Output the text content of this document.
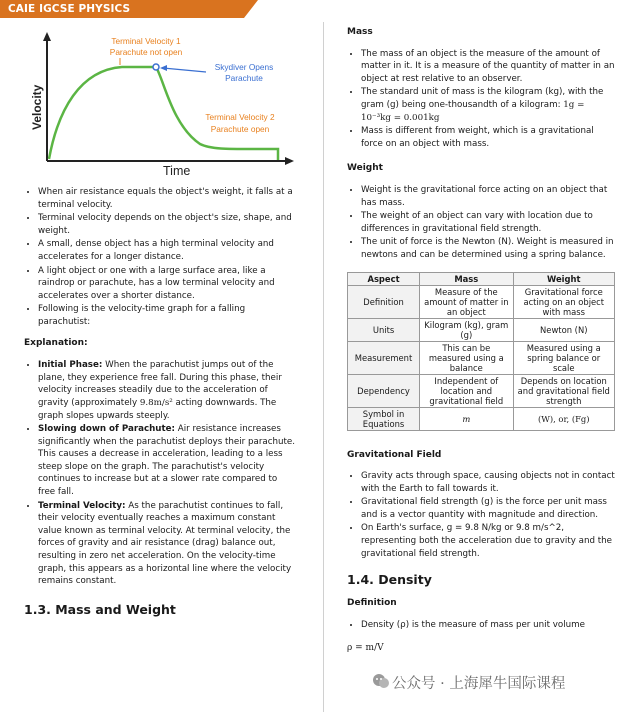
CAIE IGCSE PHYSICS
Velocity
Time
Terminal Velocity 1
Parachute not open
Skydiver Opens
Parachute
Terminal Velocity 2
Parachute open
• When air resistance equals the object's weight, it falls at a terminal velocity.
• Terminal velocity depends on the object's size, shape, and weight.
• A small, dense object has a high terminal velocity and accelerates for a longer distance.
• A light object or one with a large surface area, like a raindrop or parachute, has a low terminal velocity and accelerates over a shorter distance.
• Following is the velocity-time graph for a falling parachutist:

Explanation:

• Initial Phase: When the parachutist jumps out of the plane, they experience free fall. During this phase, their velocity increases steadily due to the acceleration of gravity (approximately 9.8m/s² acting downwards. The graph slopes upwards steeply.
• Slowing down of Parachute: Air resistance increases significantly when the parachutist deploys their parachute. This causes a decrease in acceleration, leading to a less steep slope on the graph. The parachutist's velocity continues to increase but at a slower rate compared to free fall.
• Terminal Velocity: As the parachutist continues to fall, their velocity eventually reaches a maximum constant value known as terminal velocity. At terminal velocity, the forces of gravity and air resistance (drag) balance out, resulting in zero net acceleration. On the velocity-time graph, this appears as a horizontal line where the velocity remains constant.

1.3. Mass and Weight

Mass

• The mass of an object is the measure of the amount of matter in it. It is a measure of the quantity of matter in an object at rest relative to an observer.
• The standard unit of mass is the kilogram (kg), with the gram (g) being one-thousandth of a kilogram: 1g = 10⁻³kg = 0.001kg
• Mass is different from weight, which is a gravitational force on an object with mass.

Weight

• Weight is the gravitational force acting on an object that has mass.
• The weight of an object can vary with location due to differences in gravitational field strength.
• The unit of force is the Newton (N). Weight is measured in newtons and can be determined using a spring balance.
Aspect	Mass	Weight
Definition	Measure of the amount of matter in an object	Gravitational force acting on an object with mass
Units	Kilogram (kg), gram (g)	Newton (N)
Measurement	This can be measured using a balance	Measured using a spring balance or scale
Dependency	Independent of location and gravitational field	Depends on location and gravitational field strength
Symbol in Equations	m	(W), or, (Fg)

Gravitational Field

• Gravity acts through space, causing objects not in contact with the Earth to fall towards it.
• Gravitational field strength (g) is the force per unit mass and is a vector quantity with magnitude and direction.
• On Earth's surface, g = 9.8 N/kg or 9.8 m/s^2, representing both the acceleration due to gravity and the gravitational field strength.

1.4. Density

Definition

• Density (ρ) is the measure of mass per unit volume

ρ = m/V

公众号 · 上海犀牛国际课程
